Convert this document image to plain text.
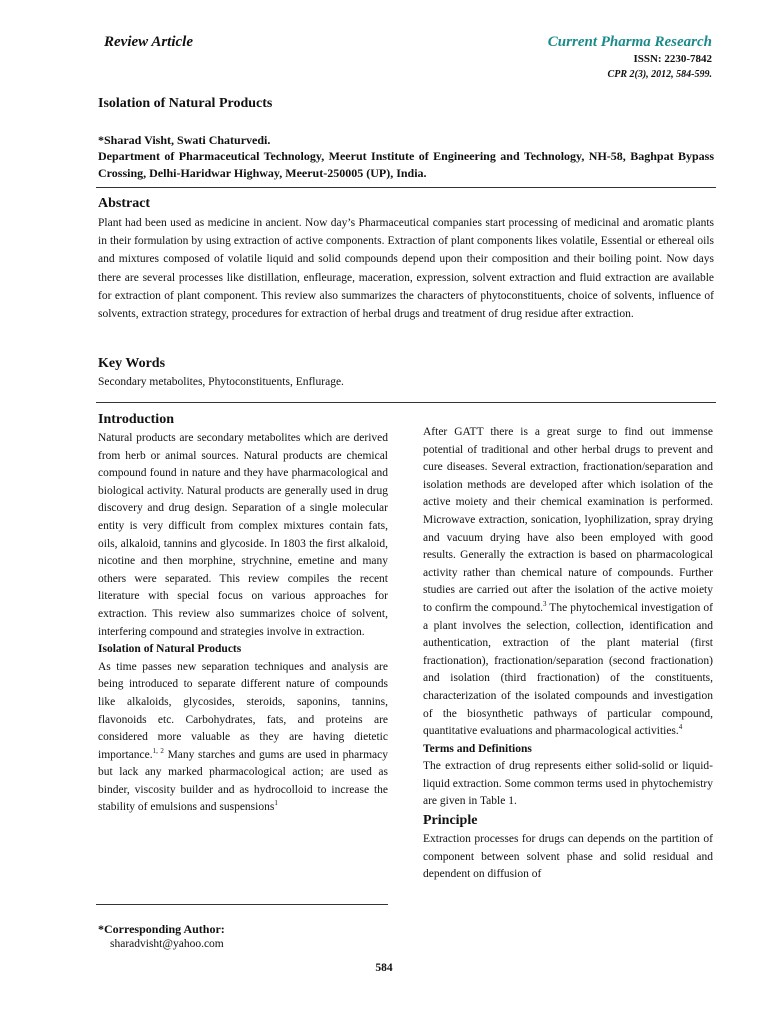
Review Article	Current Pharma Research
ISSN: 2230-7842
CPR 2(3), 2012, 584-599.
Isolation of Natural Products
*Sharad Visht, Swati Chaturvedi.
Department of Pharmaceutical Technology, Meerut Institute of Engineering and Technology, NH-58, Baghpat Bypass Crossing, Delhi-Haridwar Highway, Meerut-250005 (UP), India.
Abstract
Plant had been used as medicine in ancient. Now day’s Pharmaceutical companies start processing of medicinal and aromatic plants in their formulation by using extraction of active components. Extraction of plant components likes volatile, Essential or ethereal oils and mixtures composed of volatile liquid and solid compounds depend upon their composition and their boiling point. Now days there are several processes like distillation, enfleurage, maceration, expression, solvent extraction and fluid extraction are available for extraction of plant component. This review also summarizes the characters of phytoconstituents, choice of solvents, influence of solvents, extraction strategy, procedures for extraction of herbal drugs and treatment of drug residue after extraction.
Key Words
Secondary metabolites, Phytoconstituents, Enflurage.

Introduction

Natural products are secondary metabolites which are derived from herb or animal sources. Natural products are chemical compound found in nature and they have pharmacological and biological activity. Natural products are generally used in drug discovery and drug design. Separation of a single molecular entity is very difficult from complex mixtures contain fats, oils, alkaloid, tannins and glycoside. In 1803 the first alkaloid, nicotine and then morphine, strychnine, emetine and many others were separated. This review compiles the recent literature with special focus on various approaches for extraction. This review also summarizes choice of solvent, interfering compound and strategies involve in extraction.

Isolation of Natural Products

As time passes new separation techniques and analysis are being introduced to separate different nature of compounds like alkaloids, glycosides, steroids, saponins, tannins, flavonoids etc. Carbohydrates, fats, and proteins are considered more valuable as they are having dietetic importance.$^{1, 2}$ Many starches and gums are used in pharmacy but lack any marked pharmacological action; are used as binder, viscosity builder and as hydrocolloid to increase the stability of emulsions and suspensions$^1$

After GATT there is a great surge to find out immense potential of traditional and other herbal drugs to prevent and cure diseases. Several extraction, fractionation/separation and isolation methods are developed after which isolation of the active moiety and their chemical examination is performed. Microwave extraction, sonication, lyophilization, spray drying and vacuum drying have also been employed with good results. Generally the extraction is based on pharmacological activity rather than chemical nature of compounds. Further studies are carried out after the isolation of the active moiety to confirm the compound.$^3$ The phytochemical investigation of a plant involves the selection, collection, identification and authentication, extraction of the plant material (first fractionation), fractionation/separation (second fractionation) and isolation (third fractionation) of the constituents, characterization of the isolated compounds and investigation of the biosynthetic pathways of particular compound, quantitative evaluations and pharmacological activities.$^4$

Terms and Definitions

The extraction of drug represents either solid-solid or liquid-liquid extraction. Some common terms used in phytochemistry are given in Table 1.

Principle

Extraction processes for drugs can depends on the partition of component between solvent phase and solid residual and dependent on diffusion of

*Corresponding Author:
sharadvisht@yahoo.com
584
